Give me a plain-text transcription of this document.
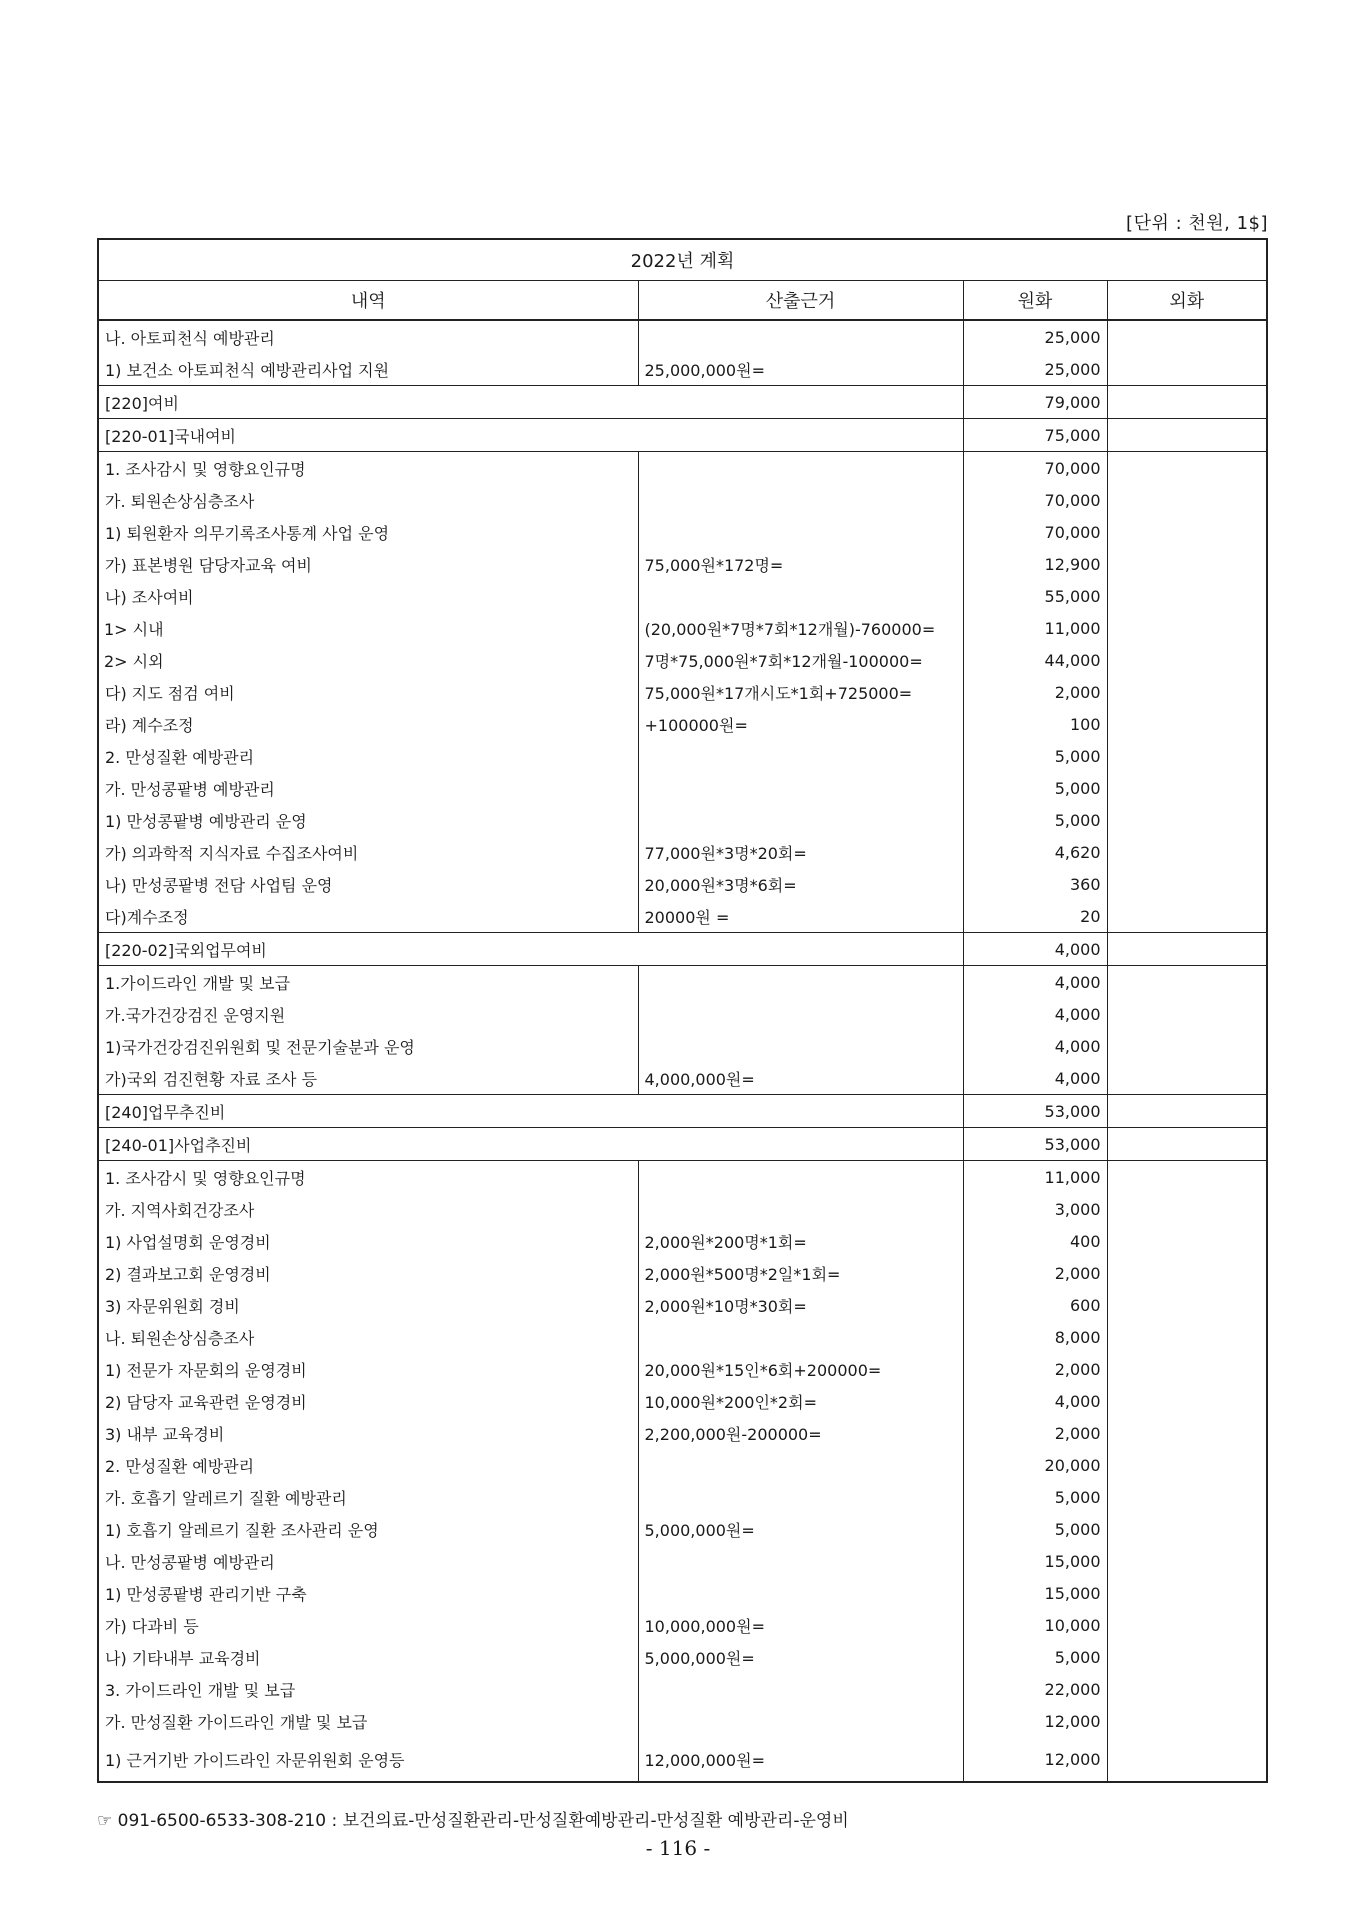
[단위 : 천원, 1$]
2022년 계획			
내역	산출근거	원화	외화
나. 아토피천식 예방관리		25,000	
1) 보건소 아토피천식 예방관리사업 지원	25,000,000원=	25,000	
[220]여비		79,000	
[220-01]국내여비		75,000	
1. 조사감시 및 영향요인규명		70,000	
가. 퇴원손상심층조사		70,000	
1) 퇴원환자 의무기록조사통계 사업 운영		70,000	
가) 표본병원 담당자교육 여비	75,000원*172명=	12,900	
나) 조사여비		55,000	
1> 시내	(20,000원*7명*7회*12개월)-760000=	11,000	
2> 시외	7명*75,000원*7회*12개월-100000=	44,000	
다) 지도 점검 여비	75,000원*17개시도*1회+725000=	2,000	
라) 계수조정	+100000원=	100	
2. 만성질환 예방관리		5,000	
가. 만성콩팥병 예방관리		5,000	
1) 만성콩팥병 예방관리 운영		5,000	
가) 의과학적 지식자료 수집조사여비	77,000원*3명*20회=	4,620	
나) 만성콩팥병 전담 사업팀 운영	20,000원*3명*6회=	360	
다)계수조정	20000원 =	20	
[220-02]국외업무여비		4,000	
1.가이드라인 개발 및 보급		4,000	
가.국가건강검진 운영지원		4,000	
1)국가건강검진위원회 및 전문기술분과 운영		4,000	
가)국외 검진현황 자료 조사 등	4,000,000원=	4,000	
[240]업무추진비		53,000	
[240-01]사업추진비		53,000	
1. 조사감시 및 영향요인규명		11,000	
가. 지역사회건강조사		3,000	
1) 사업설명회 운영경비	2,000원*200명*1회=	400	
2) 결과보고회 운영경비	2,000원*500명*2일*1회=	2,000	
3) 자문위원회 경비	2,000원*10명*30회=	600	
나. 퇴원손상심층조사		8,000	
1) 전문가 자문회의 운영경비	20,000원*15인*6회+200000=	2,000	
2) 담당자 교육관련 운영경비	10,000원*200인*2회=	4,000	
3) 내부 교육경비	2,200,000원-200000=	2,000	
2. 만성질환 예방관리		20,000	
가. 호흡기 알레르기 질환 예방관리		5,000	
1) 호흡기 알레르기 질환 조사관리 운영	5,000,000원=	5,000	
나. 만성콩팥병 예방관리		15,000	
1) 만성콩팥병 관리기반 구축		15,000	
가) 다과비 등	10,000,000원=	10,000	
나) 기타내부 교육경비	5,000,000원=	5,000	
3. 가이드라인 개발 및 보급		22,000	
가. 만성질환 가이드라인 개발 및 보급		12,000	
1) 근거기반 가이드라인 자문위원회 운영등	12,000,000원=	12,000	
☞ 091-6500-6533-308-210 : 보건의료-만성질환관리-만성질환예방관리-만성질환 예방관리-운영비
- 116 -
